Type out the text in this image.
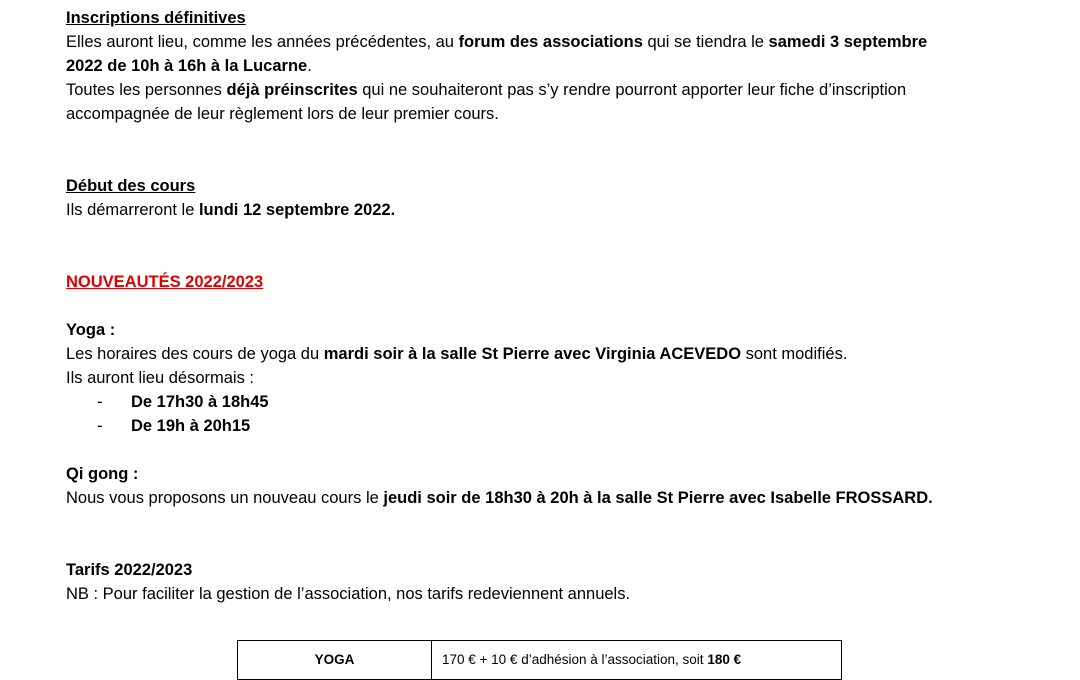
Inscriptions définitives
Elles auront lieu, comme les années précédentes, au forum des associations qui se tiendra le samedi 3 septembre
2022 de 10h à 16h à la Lucarne.
Toutes les personnes déjà préinscrites qui ne souhaiteront pas s’y rendre pourront apporter leur fiche d’inscription
accompagnée de leur règlement lors de leur premier cours.
Début des cours
Ils démarreront le lundi 12 septembre 2022.
NOUVEAUTÉS 2022/2023
Yoga :
Les horaires des cours de yoga du mardi soir à la salle St Pierre avec Virginia ACEVEDO sont modifiés.
Ils auront lieu désormais :
- De 17h30 à 18h45
- De 19h à 20h15
Qi gong :
Nous vous proposons un nouveau cours le jeudi soir de 18h30 à 20h à la salle St Pierre avec Isabelle FROSSARD.
Tarifs 2022/2023
NB : Pour faciliter la gestion de l’association, nos tarifs redeviennent annuels.
YOGA	170 € + 10 € d’adhésion à l’association, soit 180 €
